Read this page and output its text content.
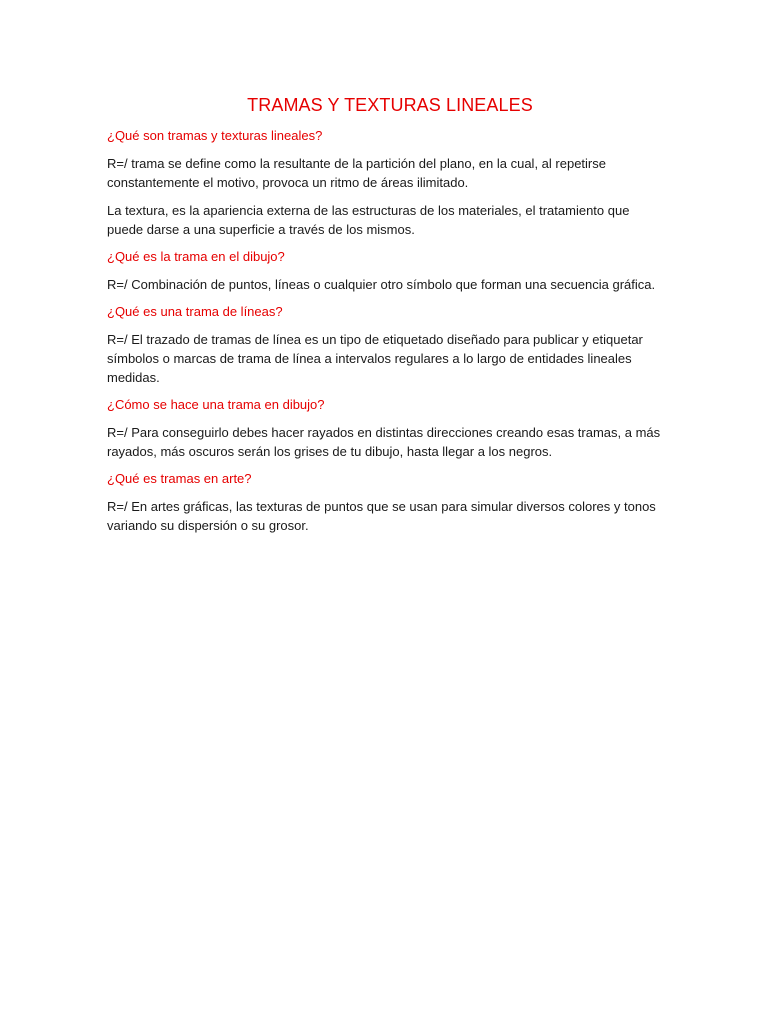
TRAMAS Y TEXTURAS LINEALES

¿Qué son tramas y texturas lineales?

R=/ trama se define como la resultante de la partición del plano, en la cual, al repetirse constantemente el motivo, provoca un ritmo de áreas ilimitado.

La textura, es la apariencia externa de las estructuras de los materiales, el tratamiento que puede darse a una superficie a través de los mismos.

¿Qué es la trama en el dibujo?

R=/ Combinación de puntos, líneas o cualquier otro símbolo que forman una secuencia gráfica.

¿Qué es una trama de líneas?

R=/ El trazado de tramas de línea es un tipo de etiquetado diseñado para publicar y etiquetar símbolos o marcas de trama de línea a intervalos regulares a lo largo de entidades lineales medidas.

¿Cómo se hace una trama en dibujo?

R=/ Para conseguirlo debes hacer rayados en distintas direcciones creando esas tramas, a más rayados, más oscuros serán los grises de tu dibujo, hasta llegar a los negros.

¿Qué es tramas en arte?

R=/ En artes gráficas, las texturas de puntos que se usan para simular diversos colores y tonos variando su dispersión o su grosor.
